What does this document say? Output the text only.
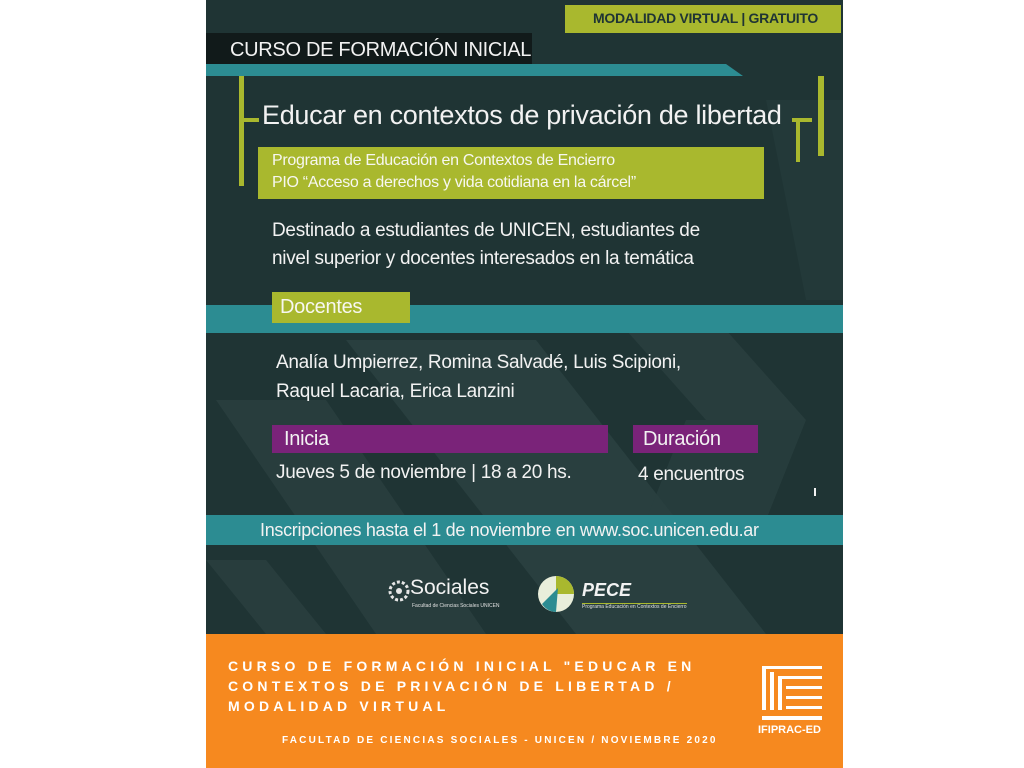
MODALIDAD VIRTUAL | GRATUITO
CURSO DE FORMACIÓN INICIAL
Educar en contextos de privación de libertad
Programa de Educación en Contextos de Encierro
PIO “Acceso a derechos y vida cotidiana en la cárcel”
Destinado a estudiantes de UNICEN, estudiantes de
nivel superior y docentes interesados en la temática
Docentes
Analía Umpierrez, Romina Salvadé, Luis Scipioni,
Raquel Lacaria, Erica Lanzini
Inicia
Jueves 5 de noviembre | 18 a 20 hs.
Duración
4 encuentros
Inscripciones hasta el 1 de noviembre en www.soc.unicen.edu.ar
Sociales
Facultad de Ciencias Sociales UNICEN
PECE
Programa Educación en Contextos de Encierro
CURSO DE FORMACIÓN INICIAL "EDUCAR EN CONTEXTOS DE PRIVACIÓN DE LIBERTAD / MODALIDAD VIRTUAL
FACULTAD DE CIENCIAS SOCIALES - UNICEN / NOVIEMBRE 2020
IFIPRAC-ED
